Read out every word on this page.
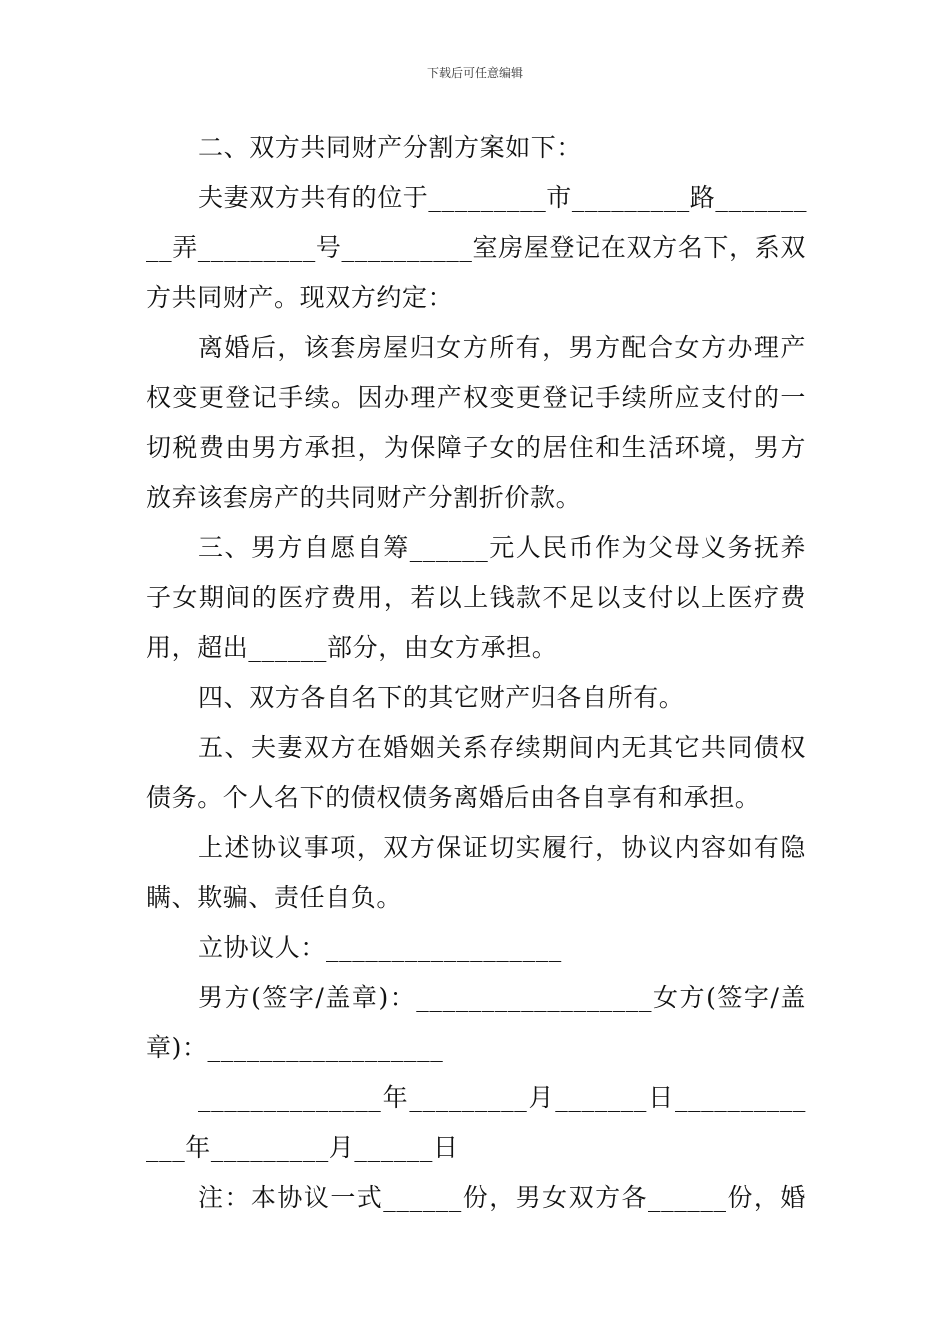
下载后可任意编辑
二、双方共同财产分割方案如下：
夫妻双方共有的位于_________市_________路_______
__弄_________号__________室房屋登记在双方名下，系双
方共同财产。现双方约定：
离婚后，该套房屋归女方所有，男方配合女方办理产
权变更登记手续。因办理产权变更登记手续所应支付的一
切税费由男方承担，为保障子女的居住和生活环境，男方
放弃该套房产的共同财产分割折价款。
三、男方自愿自筹______元人民币作为父母义务抚养
子女期间的医疗费用，若以上钱款不足以支付以上医疗费
用，超出______部分，由女方承担。
四、双方各自名下的其它财产归各自所有。
五、夫妻双方在婚姻关系存续期间内无其它共同债权
债务。个人名下的债权债务离婚后由各自享有和承担。
上述协议事项，双方保证切实履行，协议内容如有隐
瞒、欺骗、责任自负。
立协议人：__________________
男方(签字/盖章)：__________________女方(签字/盖
章)：__________________
______________年_________月_______日__________
___年_________月______日
注：本协议一式______份，男女双方各______份，婚
